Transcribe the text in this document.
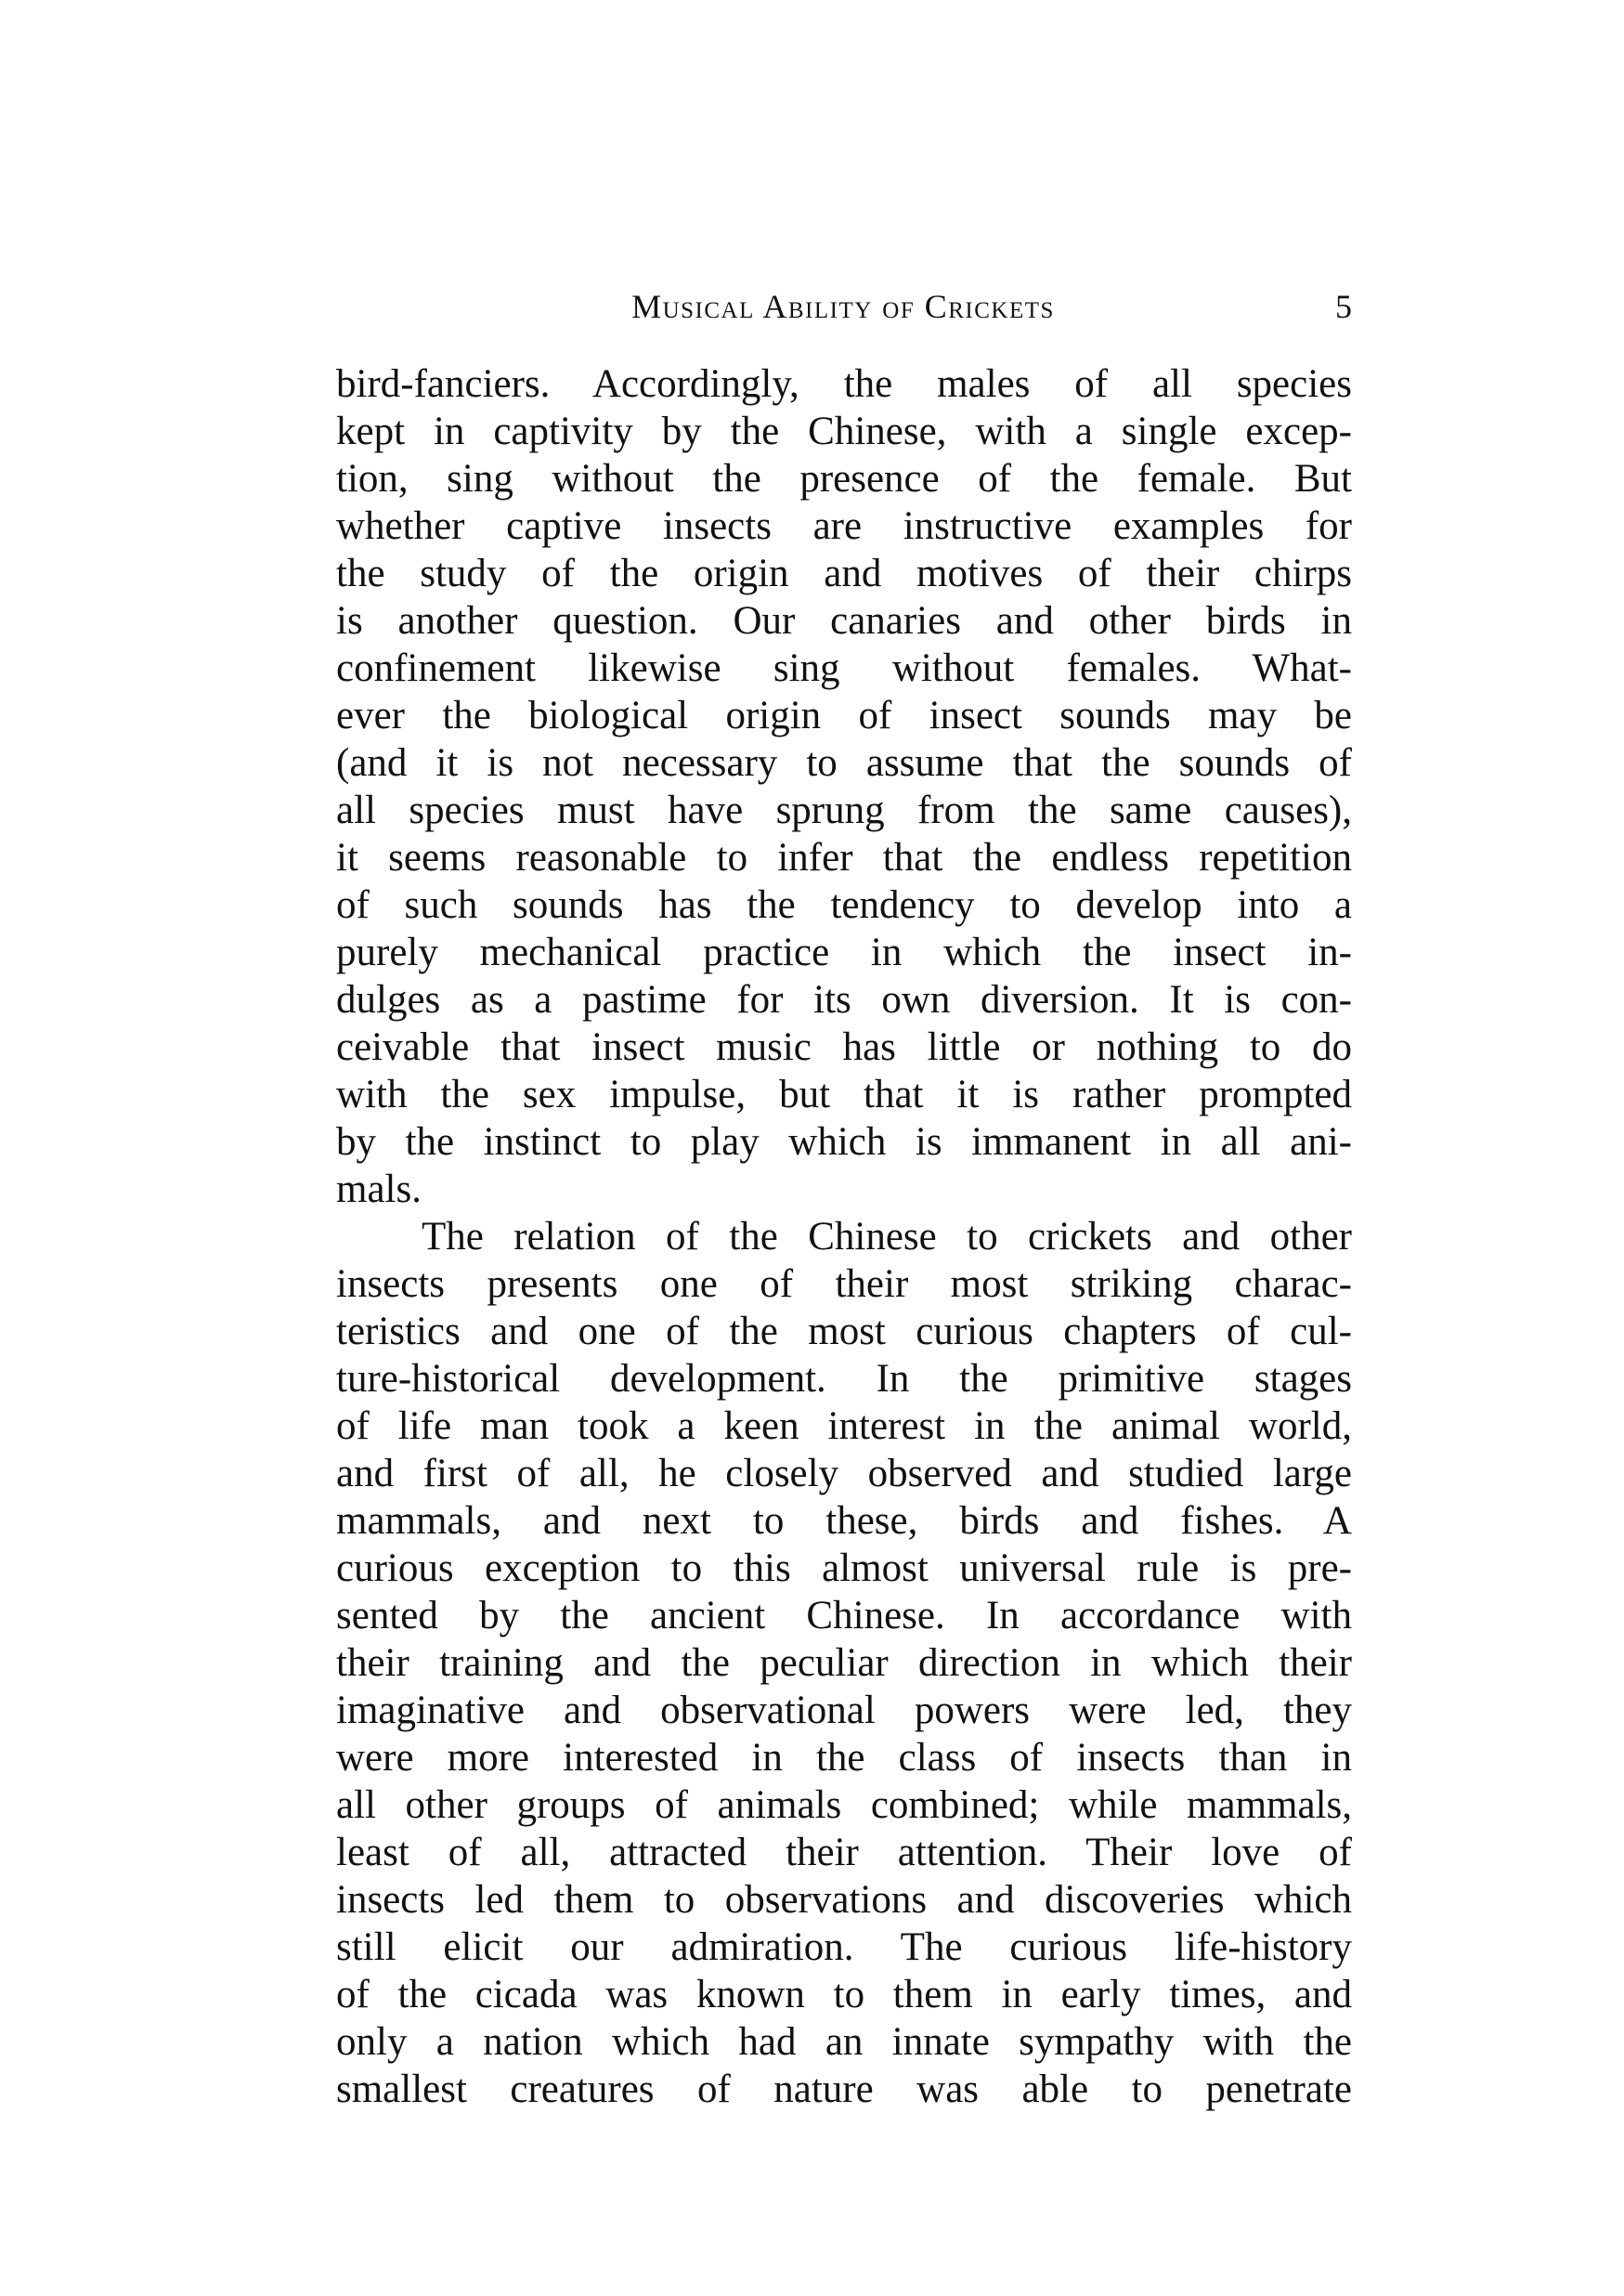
Musical Ability of Crickets	5

bird-fanciers. Accordingly, the males of all species
kept in captivity by the Chinese, with a single excep-
tion, sing without the presence of the female. But
whether captive insects are instructive examples for
the study of the origin and motives of their chirps
is another question. Our canaries and other birds in
confinement likewise sing without females. What-
ever the biological origin of insect sounds may be
(and it is not necessary to assume that the sounds of
all species must have sprung from the same causes),
it seems reasonable to infer that the endless repetition
of such sounds has the tendency to develop into a
purely mechanical practice in which the insect in-
dulges as a pastime for its own diversion. It is con-
ceivable that insect music has little or nothing to do
with the sex impulse, but that it is rather prompted
by the instinct to play which is immanent in all ani-
mals.

The relation of the Chinese to crickets and other
insects presents one of their most striking charac-
teristics and one of the most curious chapters of cul-
ture-historical development. In the primitive stages
of life man took a keen interest in the animal world,
and first of all, he closely observed and studied large
mammals, and next to these, birds and fishes. A
curious exception to this almost universal rule is pre-
sented by the ancient Chinese. In accordance with
their training and the peculiar direction in which their
imaginative and observational powers were led, they
were more interested in the class of insects than in
all other groups of animals combined; while mammals,
least of all, attracted their attention. Their love of
insects led them to observations and discoveries which
still elicit our admiration. The curious life-history
of the cicada was known to them in early times, and
only a nation which had an innate sympathy with the
smallest creatures of nature was able to penetrate
